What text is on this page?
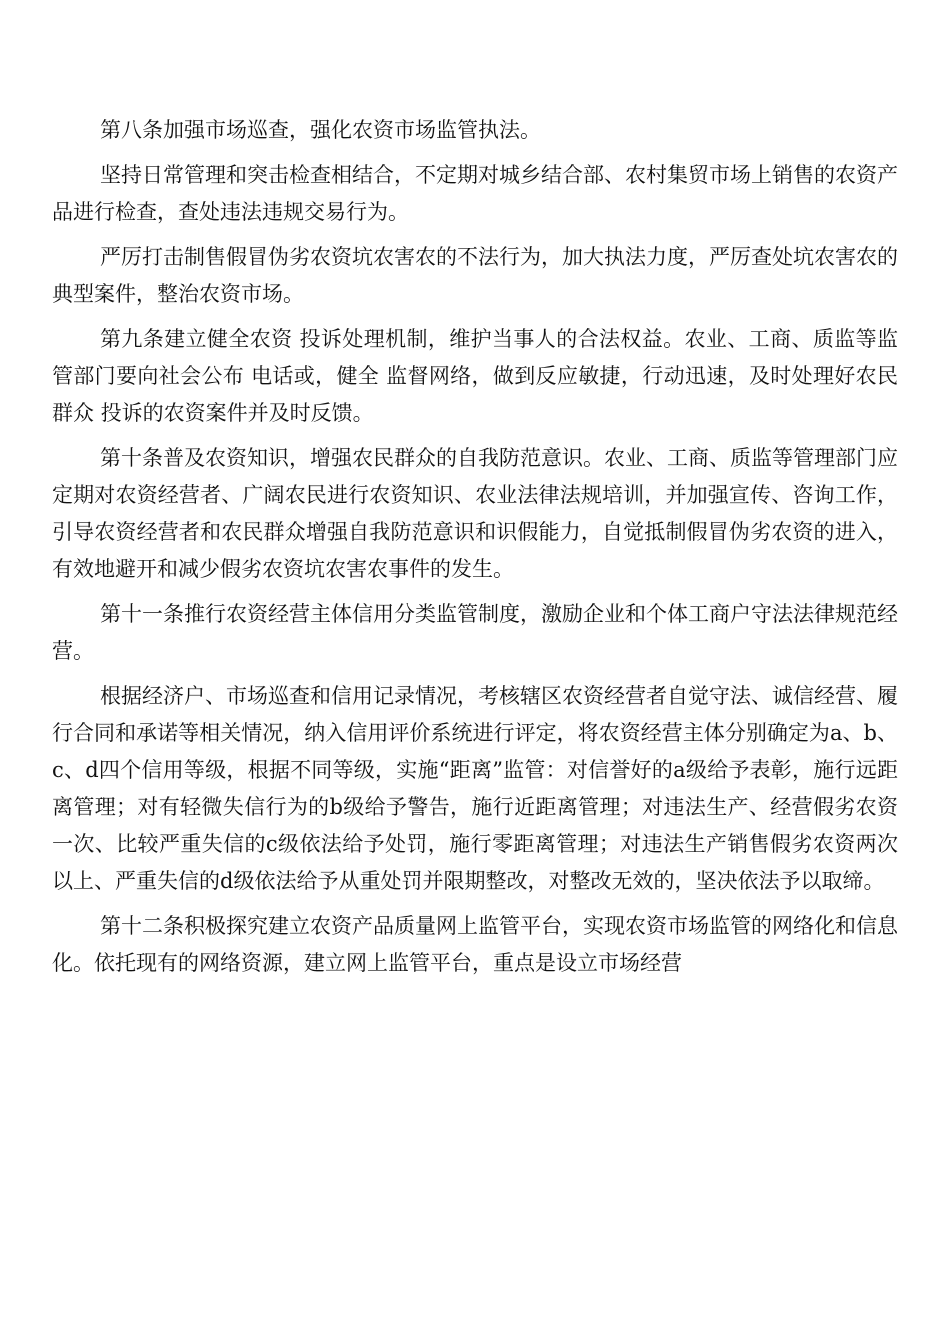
第八条加强市场巡查，强化农资市场监管执法。

坚持日常管理和突击检查相结合，不定期对城乡结合部、农村集贸市场上销售的农资产品进行检查，查处违法违规交易行为。

严厉打击制售假冒伪劣农资坑农害农的不法行为，加大执法力度，严厉查处坑农害农的典型案件，整治农资市场。

第九条建立健全农资 投诉处理机制，维护当事人的合法权益。农业、工商、质监等监管部门要向社会公布 电话或，健全 监督网络，做到反应敏捷，行动迅速，及时处理好农民群众 投诉的农资案件并及时反馈。

第十条普及农资知识，增强农民群众的自我防范意识。农业、工商、质监等管理部门应定期对农资经营者、广阔农民进行农资知识、农业法律法规培训，并加强宣传、咨询工作，引导农资经营者和农民群众增强自我防范意识和识假能力，自觉抵制假冒伪劣农资的进入，有效地避开和减少假劣农资坑农害农事件的发生。

第十一条推行农资经营主体信用分类监管制度，激励企业和个体工商户守法法律规范经营。

根据经济户、市场巡查和信用记录情况，考核辖区农资经营者自觉守法、诚信经营、履行合同和承诺等相关情况，纳入信用评价系统进行评定，将农资经营主体分别确定为a、b、c、d四个信用等级，根据不同等级，实施“距离”监管：对信誉好的a级给予表彰，施行远距离管理；对有轻微失信行为的b级给予警告，施行近距离管理；对违法生产、经营假劣农资一次、比较严重失信的c级依法给予处罚，施行零距离管理；对违法生产销售假劣农资两次以上、严重失信的d级依法给予从重处罚并限期整改，对整改无效的，坚决依法予以取缔。

第十二条积极探究建立农资产品质量网上监管平台，实现农资市场监管的网络化和信息化。依托现有的网络资源，建立网上监管平台，重点是设立市场经营
